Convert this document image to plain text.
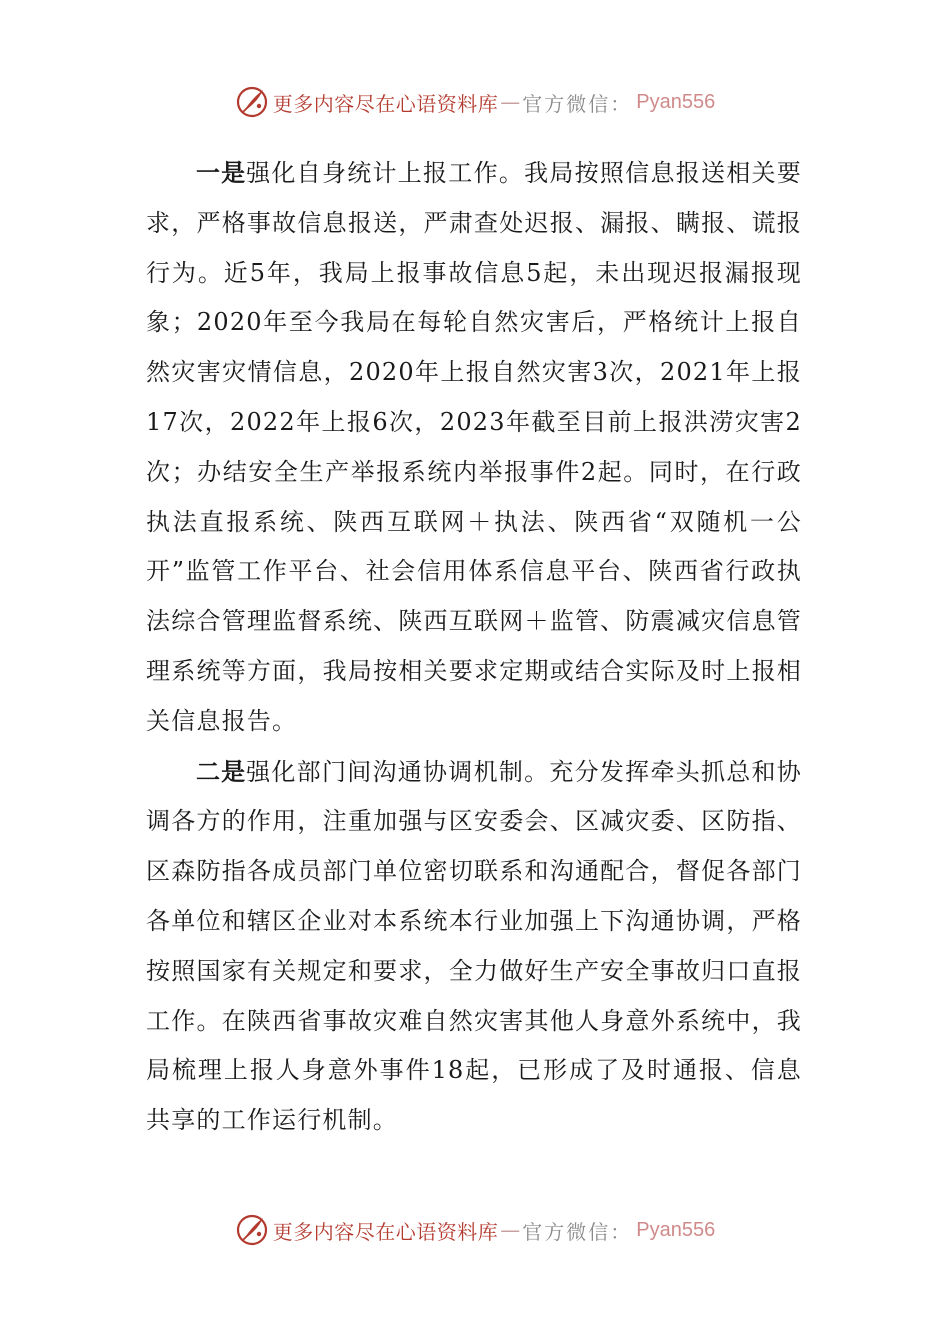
更多内容尽在心语资料库 — 官方微信： Pyan556

一是强化自身统计上报工作。我局按照信息报送相关要求，严格事故信息报送，严肃查处迟报、漏报、瞒报、谎报行为。近5年，我局上报事故信息5起，未出现迟报漏报现象；2020年至今我局在每轮自然灾害后，严格统计上报自然灾害灾情信息，2020年上报自然灾害3次，2021年上报17次，2022年上报6次，2023年截至目前上报洪涝灾害2次；办结安全生产举报系统内举报事件2起。同时，在行政执法直报系统、陕西互联网＋执法、陕西省“双随机一公开”监管工作平台、社会信用体系信息平台、陕西省行政执法综合管理监督系统、陕西互联网＋监管、防震减灾信息管理系统等方面，我局按相关要求定期或结合实际及时上报相关信息报告。

二是强化部门间沟通协调机制。充分发挥牵头抓总和协调各方的作用，注重加强与区安委会、区减灾委、区防指、区森防指各成员部门单位密切联系和沟通配合，督促各部门各单位和辖区企业对本系统本行业加强上下沟通协调，严格按照国家有关规定和要求，全力做好生产安全事故归口直报工作。在陕西省事故灾难自然灾害其他人身意外系统中，我局梳理上报人身意外事件18起，已形成了及时通报、信息共享的工作运行机制。

更多内容尽在心语资料库 — 官方微信： Pyan556
